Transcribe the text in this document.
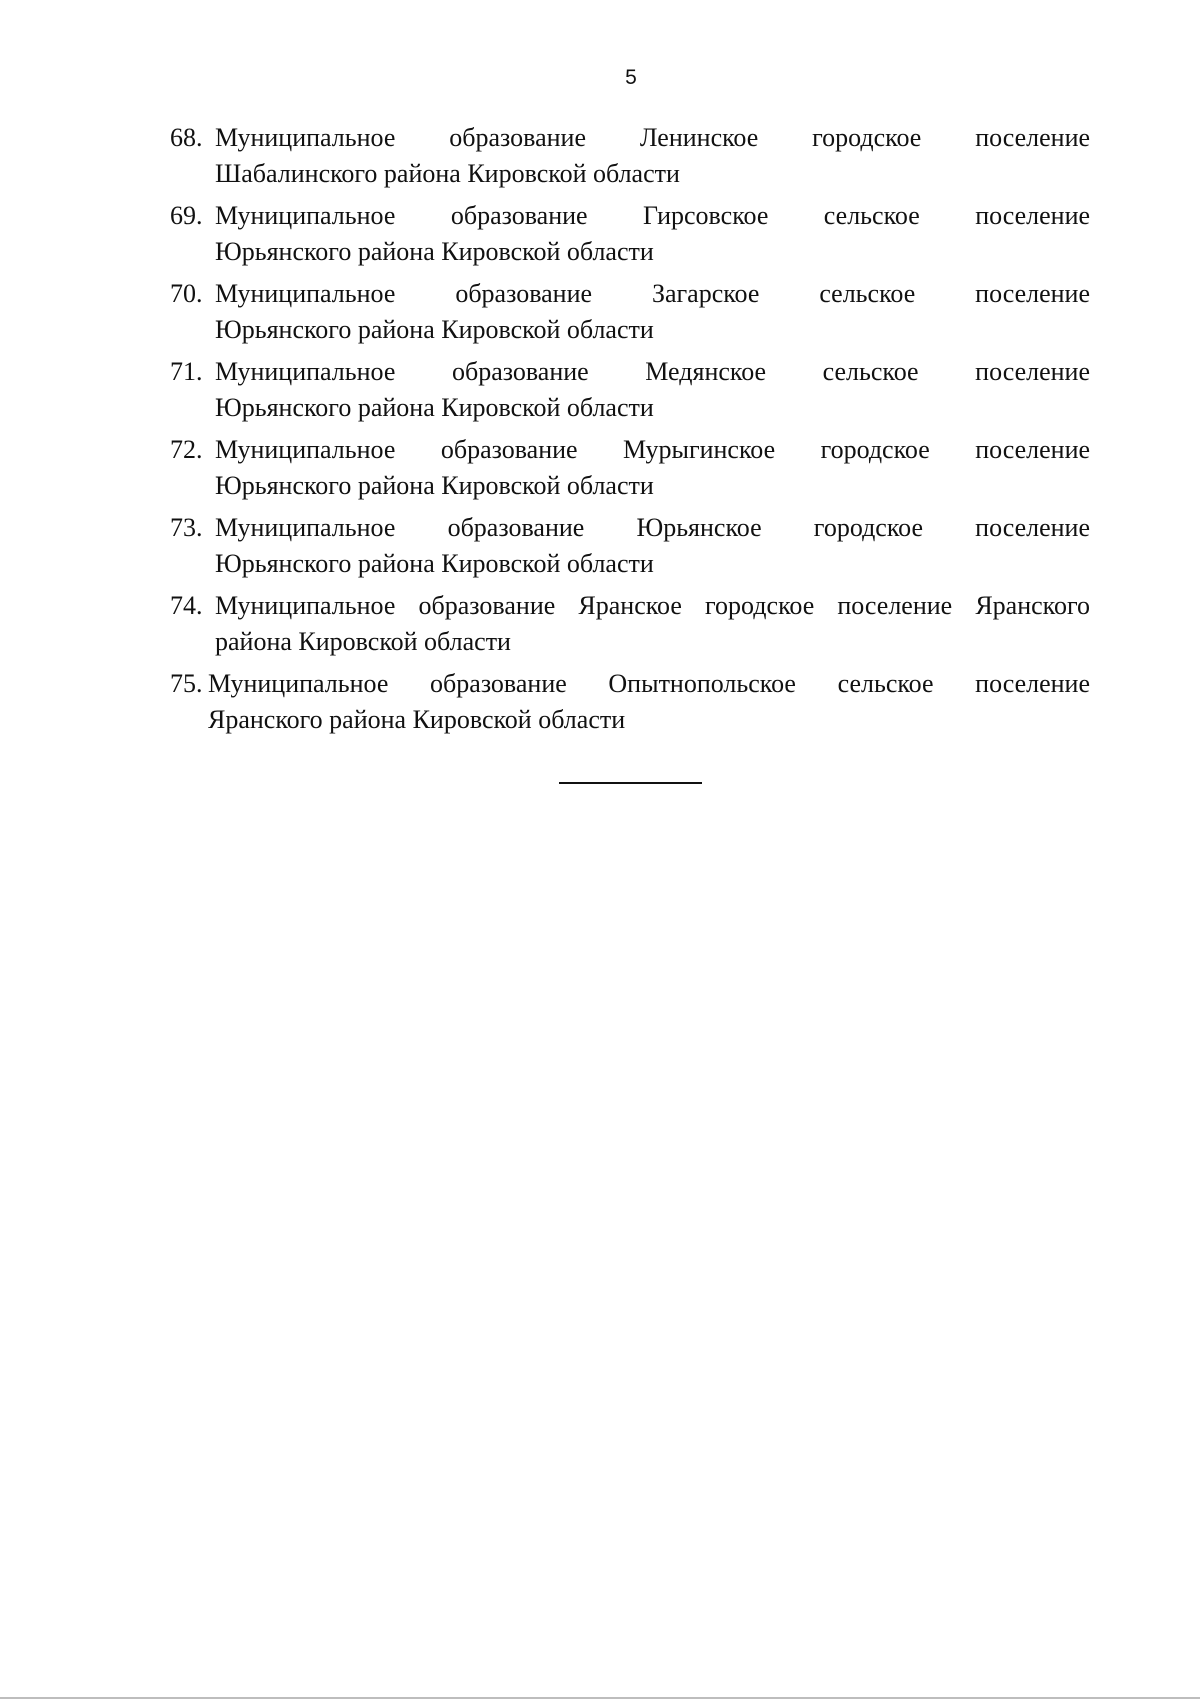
5
68. Муниципальное образование Ленинское городское поселение
Шабалинского района Кировской области
69. Муниципальное образование Гирсовское сельское поселение
Юрьянского района Кировской области
70. Муниципальное образование Загарское сельское поселение
Юрьянского района Кировской области
71. Муниципальное образование Медянское сельское поселение
Юрьянского района Кировской области
72. Муниципальное образование Мурыгинское городское поселение
Юрьянского района Кировской области
73. Муниципальное образование Юрьянское городское поселение
Юрьянского района Кировской области
74. Муниципальное образование Яранское городское поселение Яранского
района Кировской области
75. Муниципальное образование Опытнопольское сельское поселение
Яранского района Кировской области
